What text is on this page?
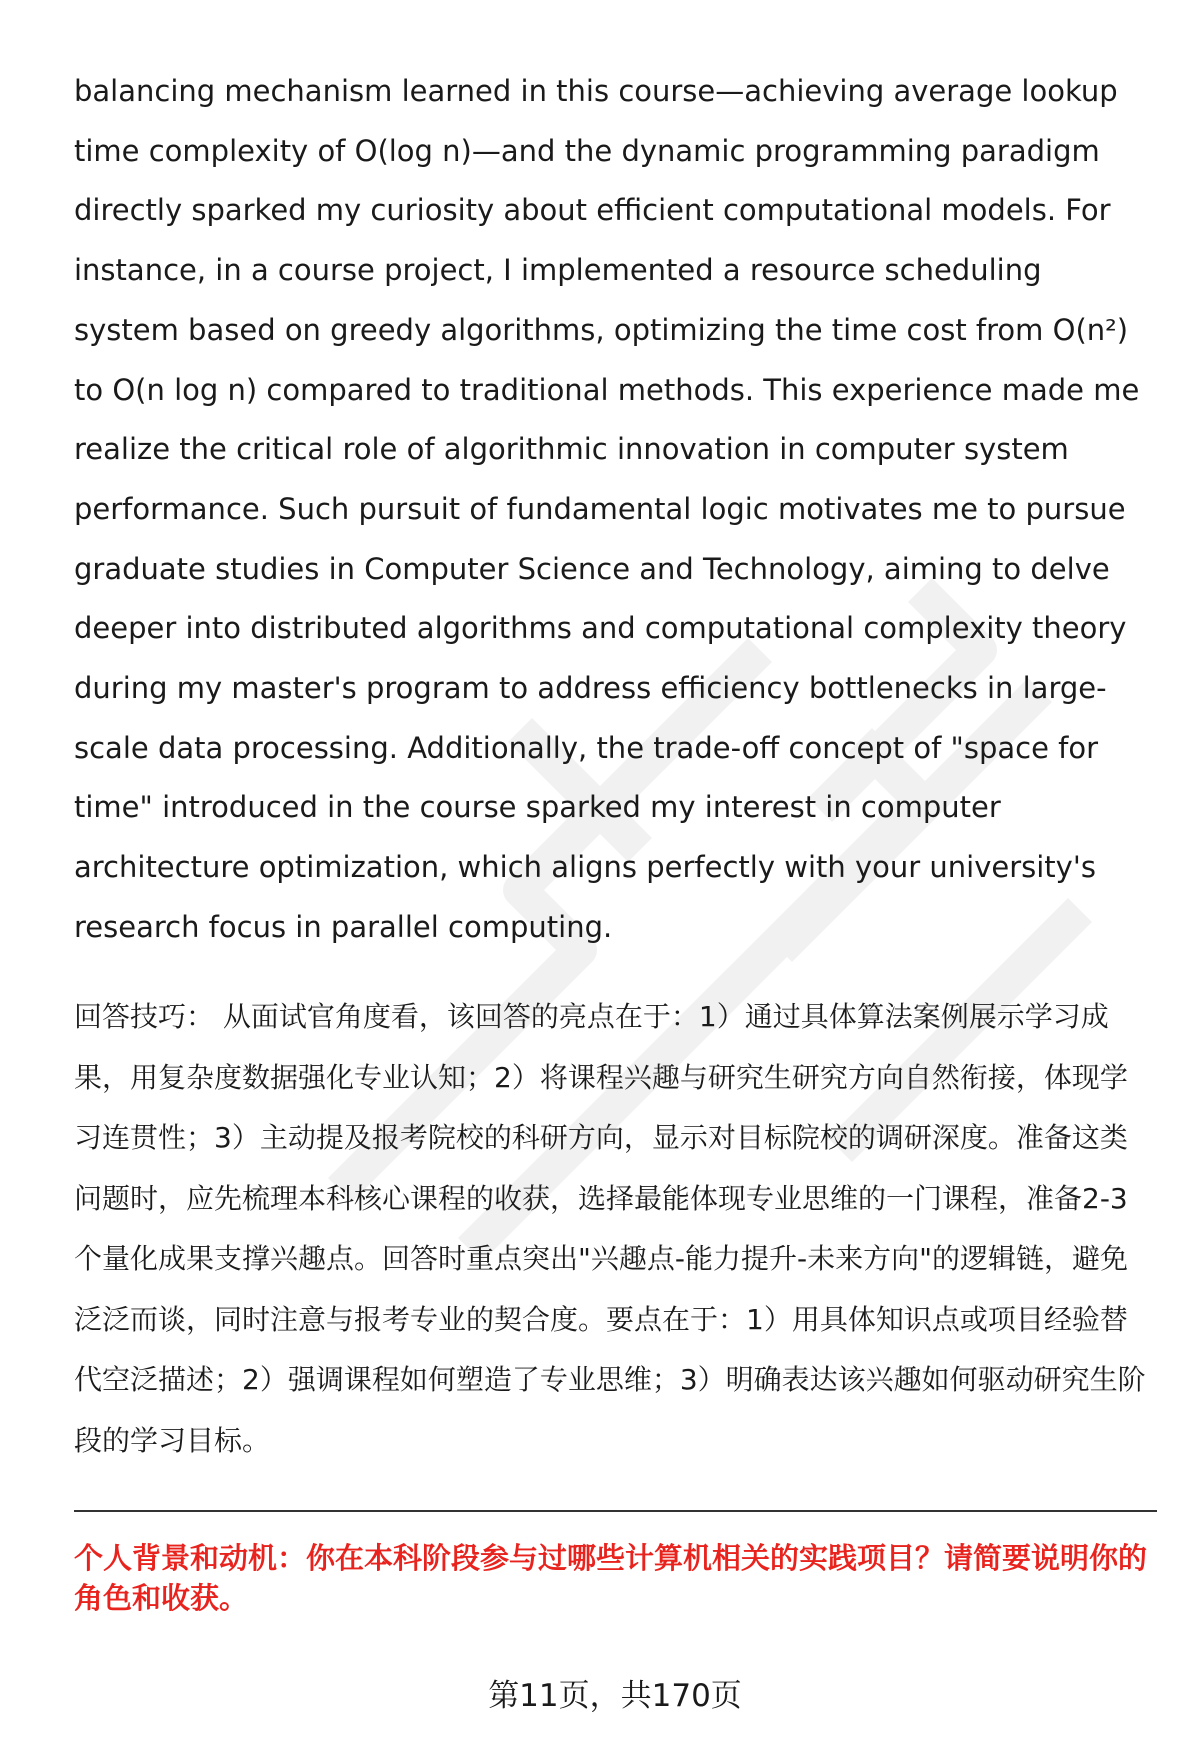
balancing mechanism learned in this course—achieving average lookup time complexity of O(log n)—and the dynamic programming paradigm directly sparked my curiosity about efficient computational models. For instance, in a course project, I implemented a resource scheduling system based on greedy algorithms, optimizing the time cost from O(n²) to O(n log n) compared to traditional methods. This experience made me realize the critical role of algorithmic innovation in computer system performance. Such pursuit of fundamental logic motivates me to pursue graduate studies in Computer Science and Technology, aiming to delve deeper into distributed algorithms and computational complexity theory during my master's program to address efficiency bottlenecks in large-scale data processing. Additionally, the trade-off concept of "space for time" introduced in the course sparked my interest in computer architecture optimization, which aligns perfectly with your university's research focus in parallel computing.

回答技巧： 从面试官角度看，该回答的亮点在于：1）通过具体算法案例展示学习成果，用复杂度数据强化专业认知；2）将课程兴趣与研究生研究方向自然衔接，体现学习连贯性；3）主动提及报考院校的科研方向，显示对目标院校的调研深度。准备这类问题时，应先梳理本科核心课程的收获，选择最能体现专业思维的一门课程，准备2-3个量化成果支撑兴趣点。回答时重点突出"兴趣点-能力提升-未来方向"的逻辑链，避免泛泛而谈，同时注意与报考专业的契合度。要点在于：1）用具体知识点或项目经验替代空泛描述；2）强调课程如何塑造了专业思维；3）明确表达该兴趣如何驱动研究生阶段的学习目标。

个人背景和动机：你在本科阶段参与过哪些计算机相关的实践项目？请简要说明你的角色和收获。

第11页，共170页
